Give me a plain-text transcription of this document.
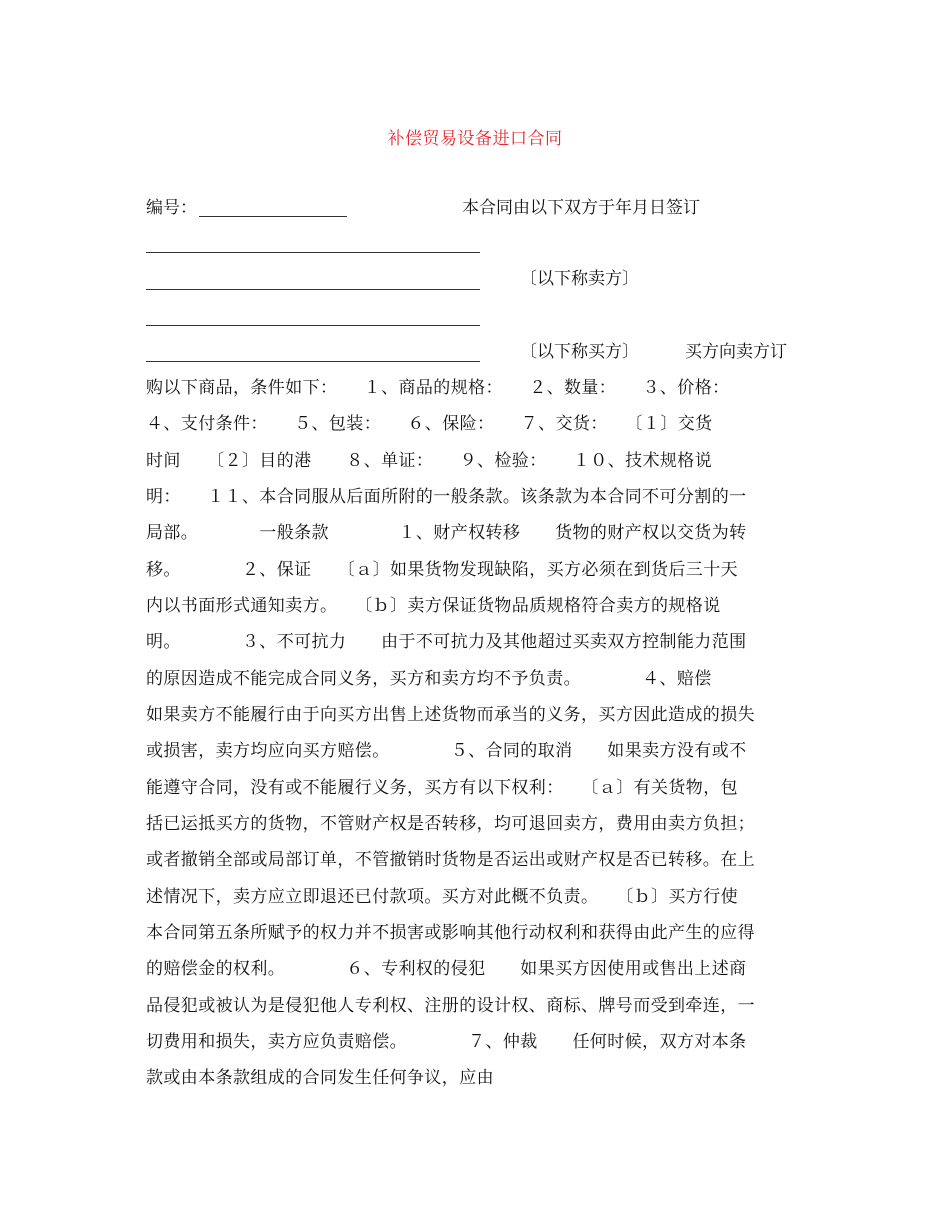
补偿贸易设备进口合同
编号：	本合同由以下双方于年月日签订
〔以下称卖方〕
〔以下称买方〕	买方向卖方订
购以下商品，条件如下：　　１、商品的规格：　　２、数量：　　３、价格：
４、支付条件：　　５、包装：　　６、保险：　　７、交货：　　〔１〕交货
时间　　〔２〕目的港　　８、单证：　　９、检验：　　１０、技术规格说
明：　　１１、本合同服从后面所附的一般条款。该条款为本合同不可分割的一
局部。　　　　一般条款　　　　１、财产权转移　　货物的财产权以交货为转
移。　　　　２、保证　　〔ａ〕如果货物发现缺陷，买方必须在到货后三十天
内以书面形式通知卖方。　　〔ｂ〕卖方保证货物品质规格符合卖方的规格说
明。　　　　３、不可抗力　　由于不可抗力及其他超过买卖双方控制能力范围
的原因造成不能完成合同义务，买方和卖方均不予负责。　　　　４、赔偿
如果卖方不能履行由于向买方出售上述货物而承当的义务，买方因此造成的损失
或损害，卖方均应向买方赔偿。　　　　５、合同的取消　　如果卖方没有或不
能遵守合同，没有或不能履行义务，买方有以下权利：　　〔ａ〕有关货物，包
括已运抵买方的货物，不管财产权是否转移，均可退回卖方，费用由卖方负担；
或者撤销全部或局部订单，不管撤销时货物是否运出或财产权是否已转移。在上
述情况下，卖方应立即退还已付款项。买方对此概不负责。　　〔ｂ〕买方行使
本合同第五条所赋予的权力并不损害或影响其他行动权利和获得由此产生的应得
的赔偿金的权利。　　　　６、专利权的侵犯　　如果买方因使用或售出上述商
品侵犯或被认为是侵犯他人专利权、注册的设计权、商标、牌号而受到牵连，一
切费用和损失，卖方应负责赔偿。　　　　７、仲裁　　任何时候，双方对本条
款或由本条款组成的合同发生任何争议，应由
